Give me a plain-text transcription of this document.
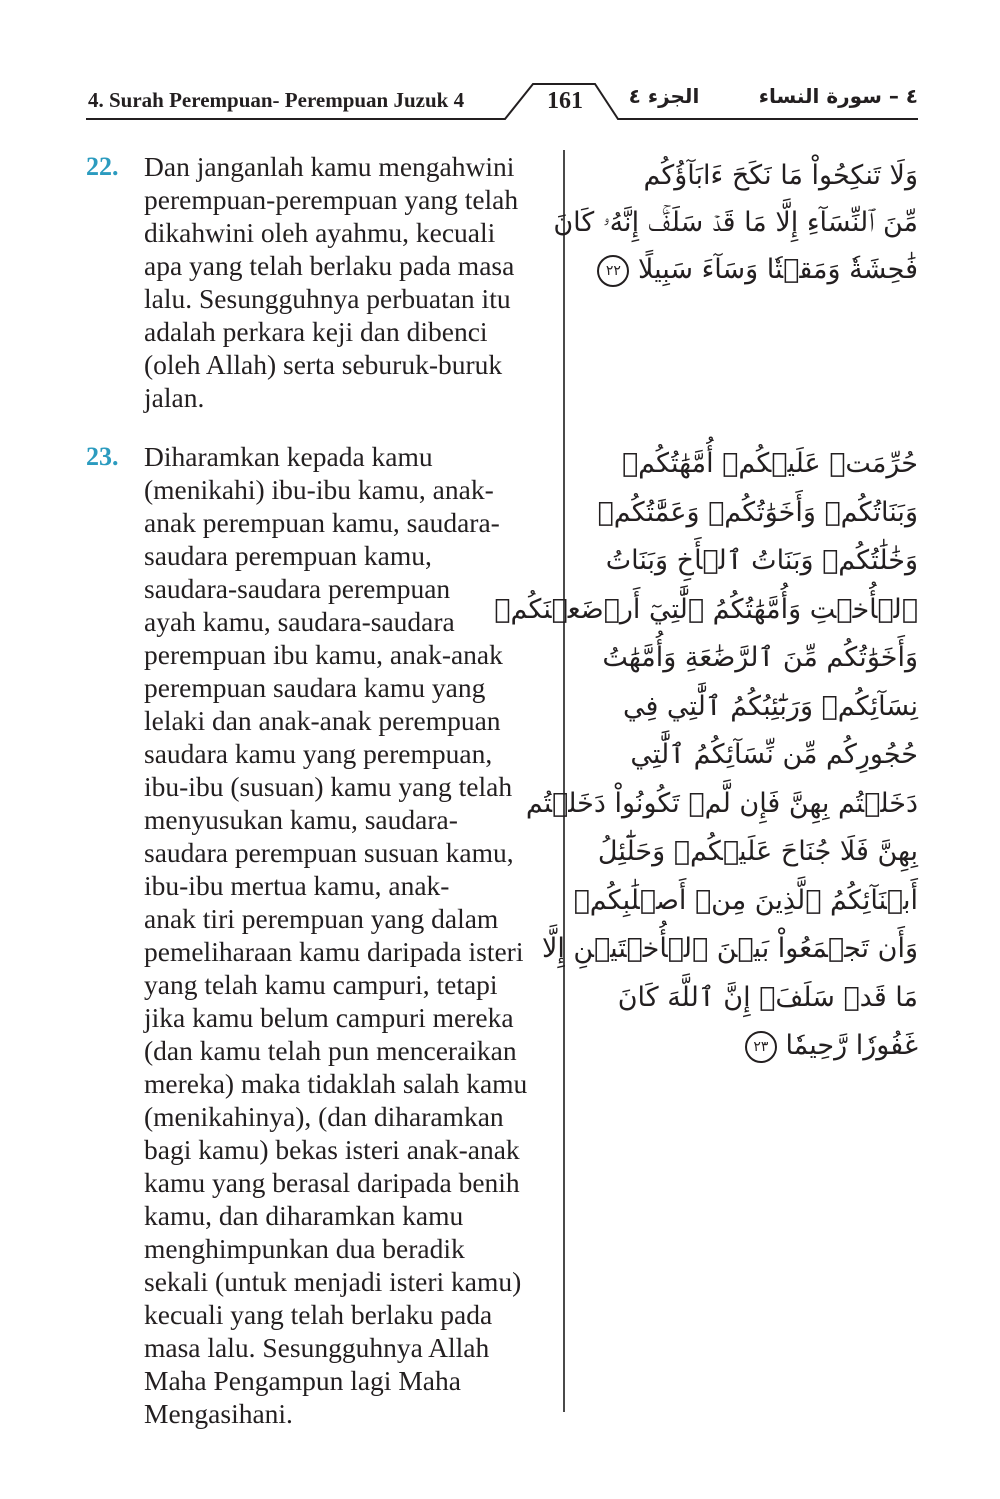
4. Surah Perempuan- Perempuan Juzuk 4	161	الجزء ٤	٤ – سورة النساء
22. Dan janganlah kamu mengahwini
perempuan-perempuan yang telah
dikahwini oleh ayahmu, kecuali
apa yang telah berlaku pada masa
lalu. Sesungguhnya perbuatan itu
adalah perkara keji dan dibenci
(oleh Allah) serta seburuk-buruk
jalan.
23. Diharamkan kepada kamu
(menikahi) ibu-ibu kamu, anak-
anak perempuan kamu, saudara-
saudara perempuan kamu,
saudara-saudara perempuan
ayah kamu, saudara-saudara
perempuan ibu kamu, anak-anak
perempuan saudara kamu yang
lelaki dan anak-anak perempuan
saudara kamu yang perempuan,
ibu-ibu (susuan) kamu yang telah
menyusukan kamu, saudara-
saudara perempuan susuan kamu,
ibu-ibu mertua kamu, anak-
anak tiri perempuan yang dalam
pemeliharaan kamu daripada isteri
yang telah kamu campuri, tetapi
jika kamu belum campuri mereka
(dan kamu telah pun menceraikan
mereka) maka tidaklah salah kamu
(menikahinya), (dan diharamkan
bagi kamu) bekas isteri anak-anak
kamu yang berasal daripada benih
kamu, dan diharamkan kamu
menghimpunkan dua beradik
sekali (untuk menjadi isteri kamu)
kecuali yang telah berlaku pada
masa lalu. Sesungguhnya Allah
Maha Pengampun lagi Maha
Mengasihani.
وَلَا تَنكِحُواْ مَا نَكَحَ ءَابَآؤُكُم
مِّنَ ٱلنِّسَآءِ إِلَّا مَا قَدۡ سَلَفَۚ إِنَّهُۥ كَانَ
فَٰحِشَةٗ وَمَقۡتٗا وَسَآءَ سَبِيلًا ٢٢
حُرِّمَتۡ عَلَيۡكُمۡ أُمَّهَٰتُكُمۡ
وَبَنَاتُكُمۡ وَأَخَوَٰتُكُمۡ وَعَمَّٰتُكُمۡ
وَخَٰلَٰتُكُمۡ وَبَنَاتُ ٱلۡأَخِ وَبَنَاتُ
ٱلۡأُخۡتِ وَأُمَّهَٰتُكُمُ ٱلَّٰتِيٓ أَرۡضَعۡنَكُمۡ
وَأَخَوَٰتُكُم مِّنَ ٱلرَّضَٰعَةِ وَأُمَّهَٰتُ
نِسَآئِكُمۡ وَرَبَٰٓئِبُكُمُ ٱلَّٰتِي فِي
حُجُورِكُم مِّن نِّسَآئِكُمُ ٱلَّٰتِي
دَخَلۡتُم بِهِنَّ فَإِن لَّمۡ تَكُونُواْ دَخَلۡتُم
بِهِنَّ فَلَا جُنَاحَ عَلَيۡكُمۡ وَحَلَٰٓئِلُ
أَبۡنَآئِكُمُ ٱلَّذِينَ مِنۡ أَصۡلَٰبِكُمۡ
وَأَن تَجۡمَعُواْ بَيۡنَ ٱلۡأُخۡتَيۡنِ إِلَّا
مَا قَدۡ سَلَفَۗ إِنَّ ٱللَّهَ كَانَ
غَفُورٗا رَّحِيمٗا ٢٣
